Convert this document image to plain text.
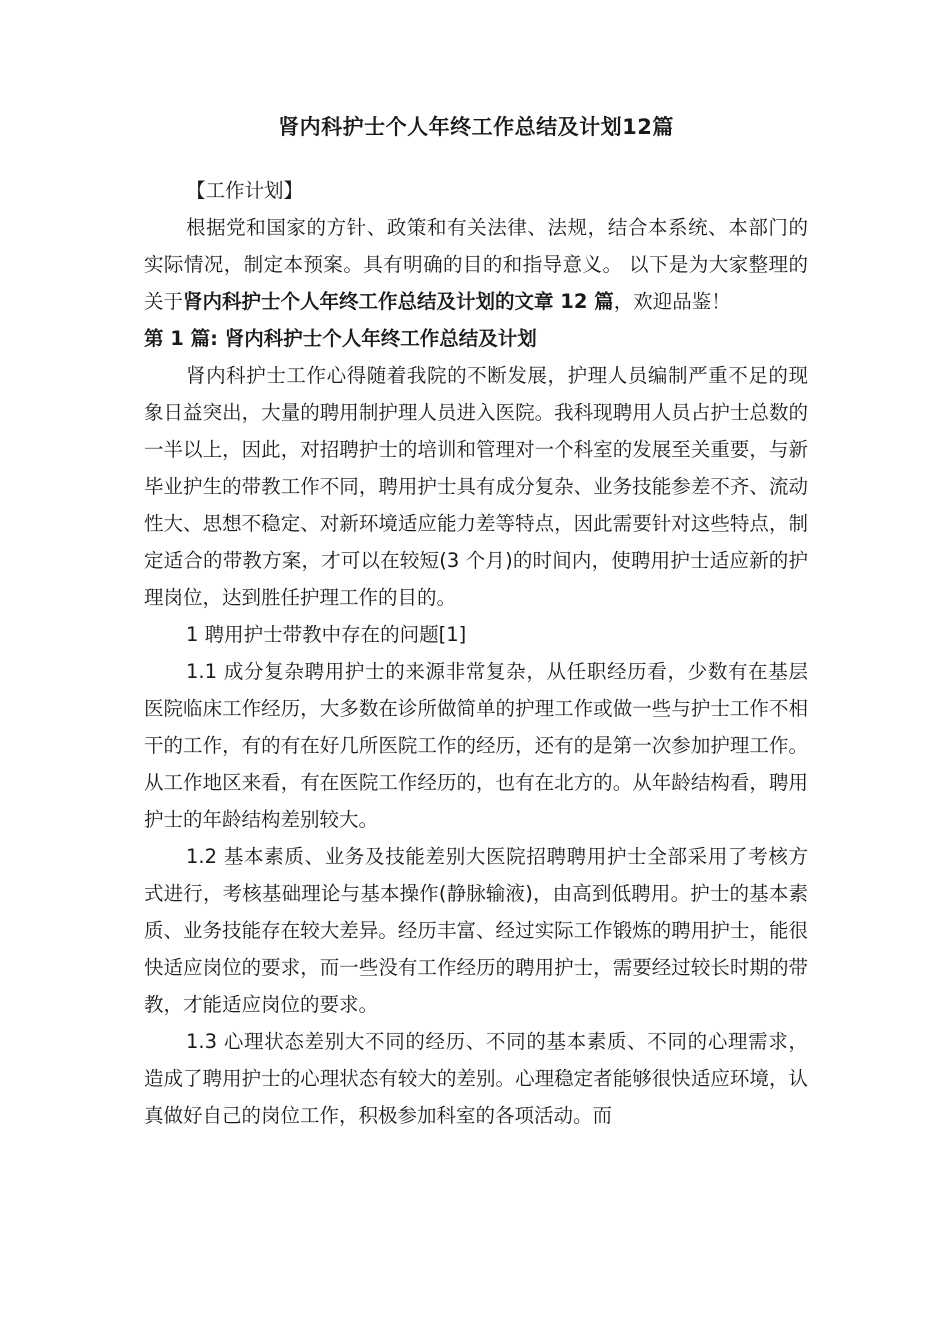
肾内科护士个人年终工作总结及计划12篇

【工作计划】

根据党和国家的方针、政策和有关法律、法规，结合本系统、本部门的实际情况，制定本预案。具有明确的目的和指导意义。 以下是为大家整理的关于肾内科护士个人年终工作总结及计划的文章 12 篇，欢迎品鉴！

第 1 篇: 肾内科护士个人年终工作总结及计划

肾内科护士工作心得随着我院的不断发展，护理人员编制严重不足的现象日益突出，大量的聘用制护理人员进入医院。我科现聘用人员占护士总数的一半以上，因此，对招聘护士的培训和管理对一个科室的发展至关重要，与新毕业护生的带教工作不同，聘用护士具有成分复杂、业务技能参差不齐、流动性大、思想不稳定、对新环境适应能力差等特点，因此需要针对这些特点，制定适合的带教方案，才可以在较短(3 个月)的时间内，使聘用护士适应新的护理岗位，达到胜任护理工作的目的。

1 聘用护士带教中存在的问题[1]

1.1 成分复杂聘用护士的来源非常复杂，从任职经历看，少数有在基层医院临床工作经历，大多数在诊所做简单的护理工作或做一些与护士工作不相干的工作，有的有在好几所医院工作的经历，还有的是第一次参加护理工作。从工作地区来看，有在医院工作经历的，也有在北方的。从年龄结构看，聘用护士的年龄结构差别较大。

1.2 基本素质、业务及技能差别大医院招聘聘用护士全部采用了考核方式进行，考核基础理论与基本操作(静脉输液)，由高到低聘用。护士的基本素质、业务技能存在较大差异。经历丰富、经过实际工作锻炼的聘用护士，能很快适应岗位的要求，而一些没有工作经历的聘用护士，需要经过较长时期的带教，才能适应岗位的要求。

1.3 心理状态差别大不同的经历、不同的基本素质、不同的心理需求，造成了聘用护士的心理状态有较大的差别。心理稳定者能够很快适应环境，认真做好自己的岗位工作，积极参加科室的各项活动。而
